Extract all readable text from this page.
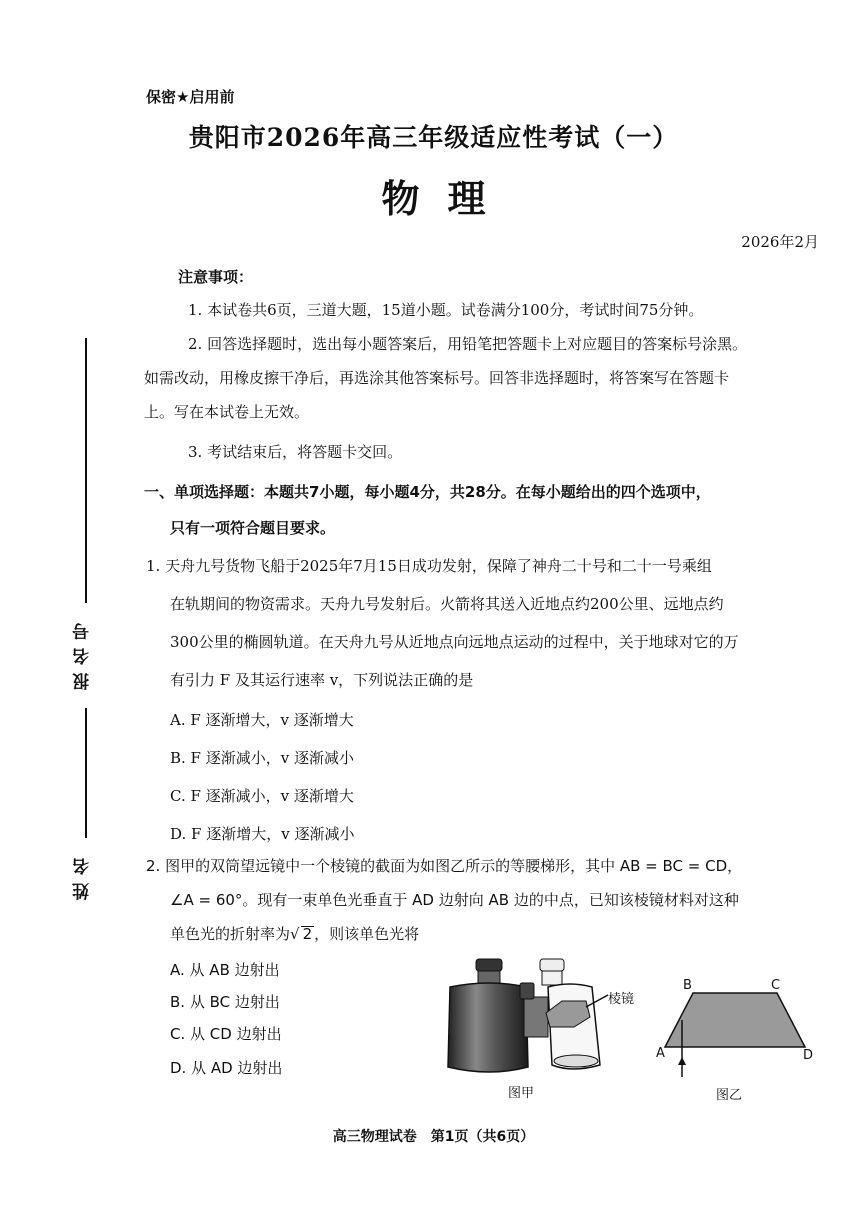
保密★启用前
贵阳市2026年高三年级适应性考试（一）
物理
2026年2月
注意事项：
1. 本试卷共6页，三道大题，15道小题。试卷满分100分，考试时间75分钟。
2. 回答选择题时，选出每小题答案后，用铅笔把答题卡上对应题目的答案标号涂黑。
如需改动，用橡皮擦干净后，再选涂其他答案标号。回答非选择题时，将答案写在答题卡
上。写在本试卷上无效。
3. 考试结束后，将答题卡交回。
报名号
姓名
一、单项选择题：本题共7小题，每小题4分，共28分。在每小题给出的四个选项中，
只有一项符合题目要求。
1. 天舟九号货物飞船于2025年7月15日成功发射，保障了神舟二十号和二十一号乘组
在轨期间的物资需求。天舟九号发射后。火箭将其送入近地点约200公里、远地点约
300公里的椭圆轨道。在天舟九号从近地点向远地点运动的过程中，关于地球对它的万
有引力 F 及其运行速率 v，下列说法正确的是
A. F 逐渐增大，v 逐渐增大
B. F 逐渐减小，v 逐渐减小
C. F 逐渐减小，v 逐渐增大
D. F 逐渐增大，v 逐渐减小
2. 图甲的双筒望远镜中一个棱镜的截面为如图乙所示的等腰梯形，其中 AB = BC = CD，
∠A = 60°。现有一束单色光垂直于 AD 边射向 AB 边的中点，已知该棱镜材料对这种
单色光的折射率为√ 2 ，则该单色光将
A. 从 AB 边射出
B. 从 BC 边射出
C. 从 CD 边射出
D. 从 AD 边射出
棱镜
图甲
B	C
A	D
图乙
高三物理试卷　第1页（共6页）
